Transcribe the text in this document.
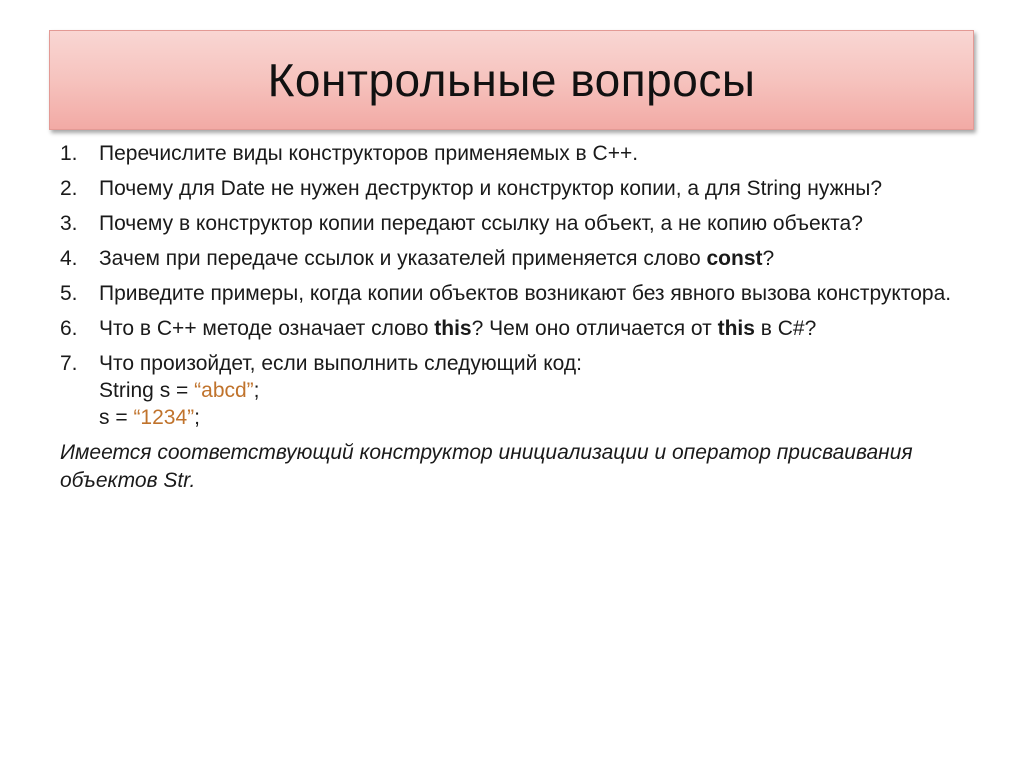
Контрольные вопросы
1.	Перечислите виды конструкторов применяемых в С++.
2.	Почему для Date не нужен деструктор и конструктор копии, а для String нужны?
3.	Почему в конструктор копии передают ссылку на объект, а не копию объекта?
4.	Зачем при передаче ссылок и указателей применяется слово const?
5.	Приведите примеры, когда копии объектов возникают без явного вызова конструктора.
6.	Что в С++ методе означает слово this? Чем оно отличается от this в С#?
7.	Что произойдет, если выполнить следующий код:
String s = “abcd”;
s = “1234”;
Имеется соответствующий конструктор инициализации и оператор присваивания объектов Str.
